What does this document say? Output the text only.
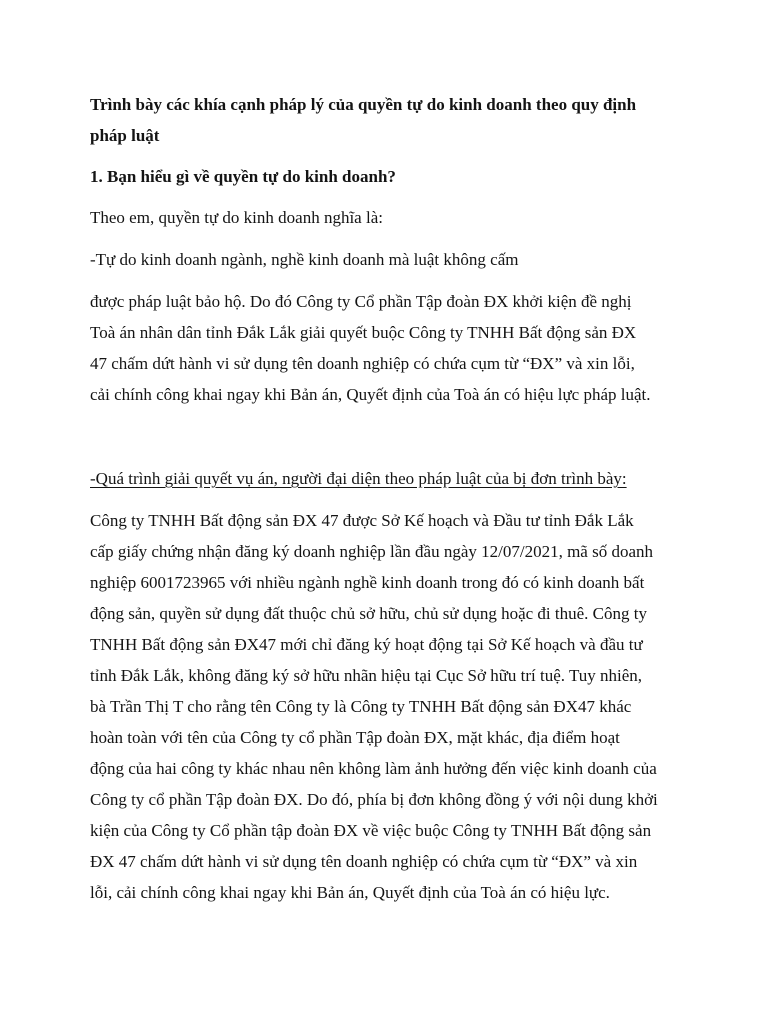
Trình bày các khía cạnh pháp lý của quyền tự do kinh doanh theo quy định
pháp luật

1. Bạn hiểu gì về quyền tự do kinh doanh?

Theo em, quyền tự do kinh doanh nghĩa là:

-Tự do kinh doanh ngành, nghề kinh doanh mà luật không cấm

được pháp luật bảo hộ. Do đó Công ty Cổ phần Tập đoàn ĐX khởi kiện đề nghị
Toà án nhân dân tỉnh Đắk Lắk giải quyết buộc Công ty TNHH Bất động sản ĐX
47 chấm dứt hành vi sử dụng tên doanh nghiệp có chứa cụm từ “ĐX” và xin lỗi,
cải chính công khai ngay khi Bản án, Quyết định của Toà án có hiệu lực pháp luật.

-Quá trình giải quyết vụ án, người đại diện theo pháp luật của bị đơn trình bày:

Công ty TNHH Bất động sản ĐX 47 được Sở Kế hoạch và Đầu tư tỉnh Đắk Lắk
cấp giấy chứng nhận đăng ký doanh nghiệp lần đầu ngày 12/07/2021, mã số doanh
nghiệp 6001723965 với nhiều ngành nghề kinh doanh trong đó có kinh doanh bất
động sản, quyền sử dụng đất thuộc chủ sở hữu, chủ sử dụng hoặc đi thuê. Công ty
TNHH Bất động sản ĐX47 mới chỉ đăng ký hoạt động tại Sở Kế hoạch và đầu tư
tỉnh Đắk Lắk, không đăng ký sở hữu nhãn hiệu tại Cục Sở hữu trí tuệ. Tuy nhiên,
bà Trần Thị T cho rằng tên Công ty là Công ty TNHH Bất động sản ĐX47 khác
hoàn toàn với tên của Công ty cổ phần Tập đoàn ĐX, mặt khác, địa điểm hoạt
động của hai công ty khác nhau nên không làm ảnh hưởng đến việc kinh doanh của
Công ty cổ phần Tập đoàn ĐX. Do đó, phía bị đơn không đồng ý với nội dung khởi
kiện của Công ty Cổ phần tập đoàn ĐX về việc buộc Công ty TNHH Bất động sản
ĐX 47 chấm dứt hành vi sử dụng tên doanh nghiệp có chứa cụm từ “ĐX” và xin
lỗi, cải chính công khai ngay khi Bản án, Quyết định của Toà án có hiệu lực.
